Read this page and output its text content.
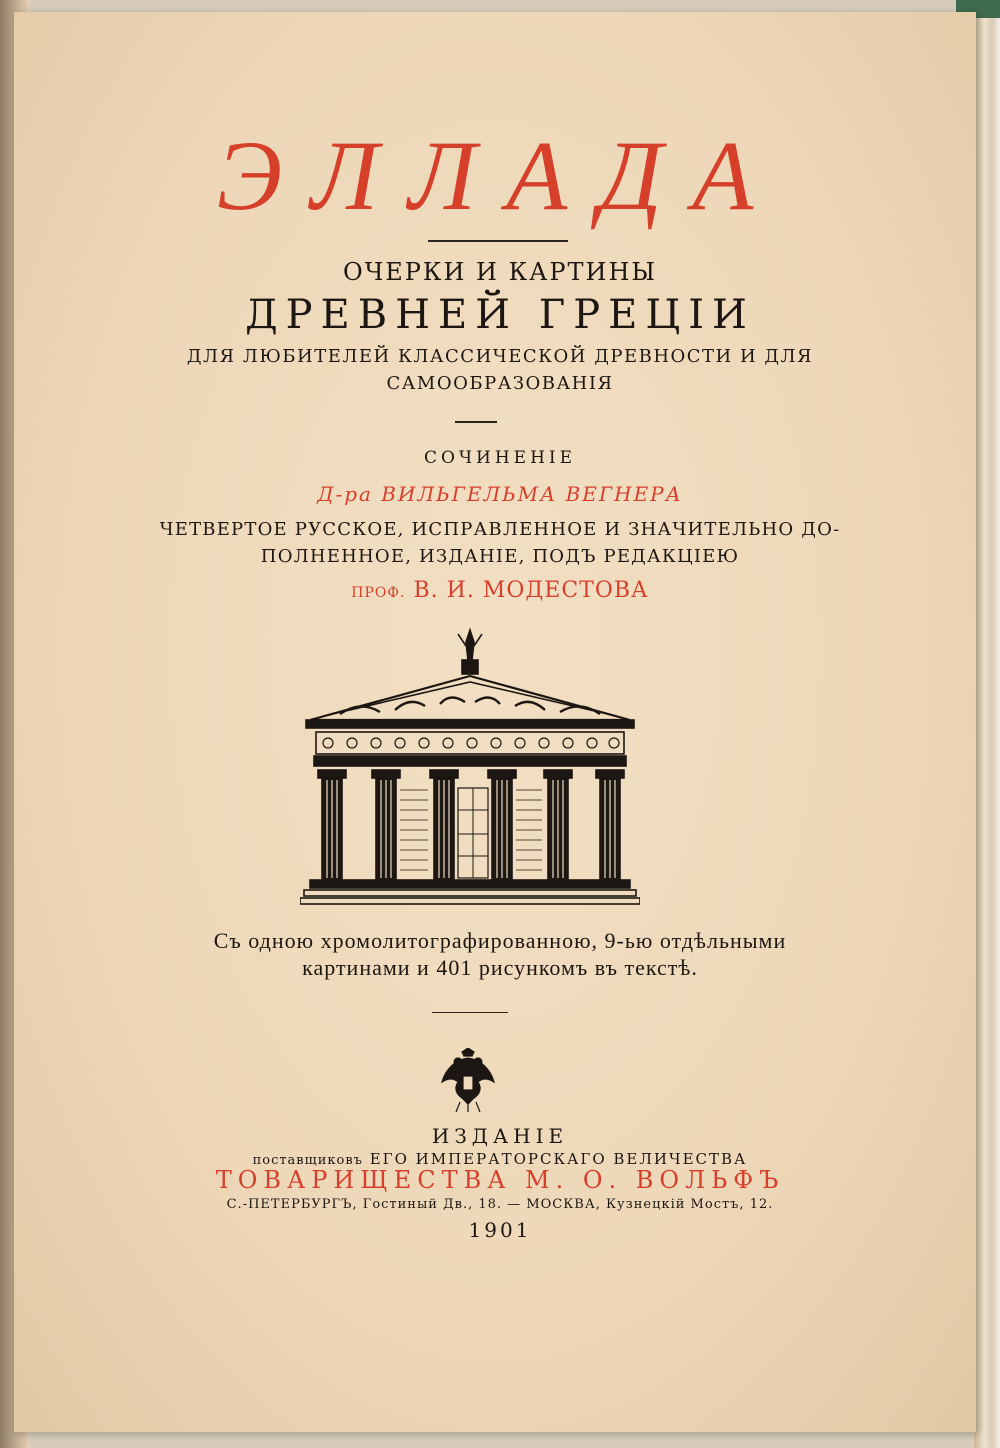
ЭЛЛАДА
ОЧЕРКИ И КАРТИНЫ
ДРЕВНЕЙ ГРЕЦІИ
ДЛЯ ЛЮБИТЕЛЕЙ КЛАССИЧЕСКОЙ ДРЕВНОСТИ И ДЛЯ
САМООБРАЗОВАНІЯ
СОЧИНЕНІЕ
Д-ра ВИЛЬГЕЛЬМА ВЕГНЕРА
ЧЕТВЕРТОЕ РУССКОЕ, ИСПРАВЛЕННОЕ И ЗНАЧИТЕЛЬНО ДО-
ПОЛНЕННОЕ, ИЗДАНІЕ, ПОДЪ РЕДАКЦІЕЮ
ПРОФ. В. И. МОДЕСТОВА
Съ одною хромолитографированною, 9-ью отдѣльными
картинами и 401 рисункомъ въ текстѣ.
ИЗДАНІЕ
поставщиковъ ЕГО ИМПЕРАТОРСКАГО ВЕЛИЧЕСТВА
ТОВАРИЩЕСТВА М. О. ВОЛЬФЪ
С.-ПЕТЕРБУРГЪ, Гостиный Дв., 18. — МОСКВА, Кузнецкій Мостъ, 12.
1901
